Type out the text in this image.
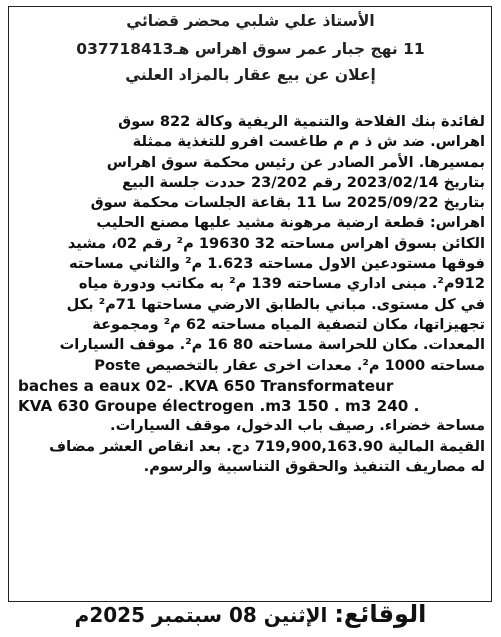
الأستاذ علي شلبي محضر قضائي
11 نهج جبار عمر سوق اهراس هـ037718413
إعلان عن بيع عقار بالمزاد العلني
لفائدة بنك الفلاحة والتنمية الريفية وكالة 822 سوق
اهراس. ضد ش ذ م م طاغست افرو للتغذية ممثلة
بمسيرها. الأمر الصادر عن رئيس محكمة سوق اهراس
بتاريخ 2023/02/14 رقم 23/202 حددت جلسة البيع
بتاريخ 2025/09/22 سا 11 بقاعة الجلسات محكمة سوق
اهراس: قطعة ارضية مرهونة مشيد عليها مصنع الحليب
الكائن بسوق اهراس مساحته 32 19630 م² رقم 02، مشيد
فوقها مستودعين الاول مساحته 1.623 م² والثاني مساحته
912م². مبنى اداري مساحته 139 م² به مكاتب ودورة مياه
في كل مستوى. مباني بالطابق الارضي مساحتها 71م² بكل
تجهيزاتها، مكان لتصفية المياه مساحته 62 م² ومجموعة
المعدات. مكان للحراسة مساحته 80 16 م². موقف السيارات
مساحته 1000 م². معدات اخرى عقار بالتخصيص Poste
baches a eaux 02- .KVA 650 Transformateur
KVA 630 Groupe électrogen .m3 150 . m3 240 .
مساحة خضراء. رصيف باب الدخول، موقف السيارات.
القيمة المالية 719,900,163.90 دج. بعد انقاص العشر مضاف
له مصاريف التنفيذ والحقوق التناسبية والرسوم.
الوقائع: الإثنين 08 سبتمبر 2025م
